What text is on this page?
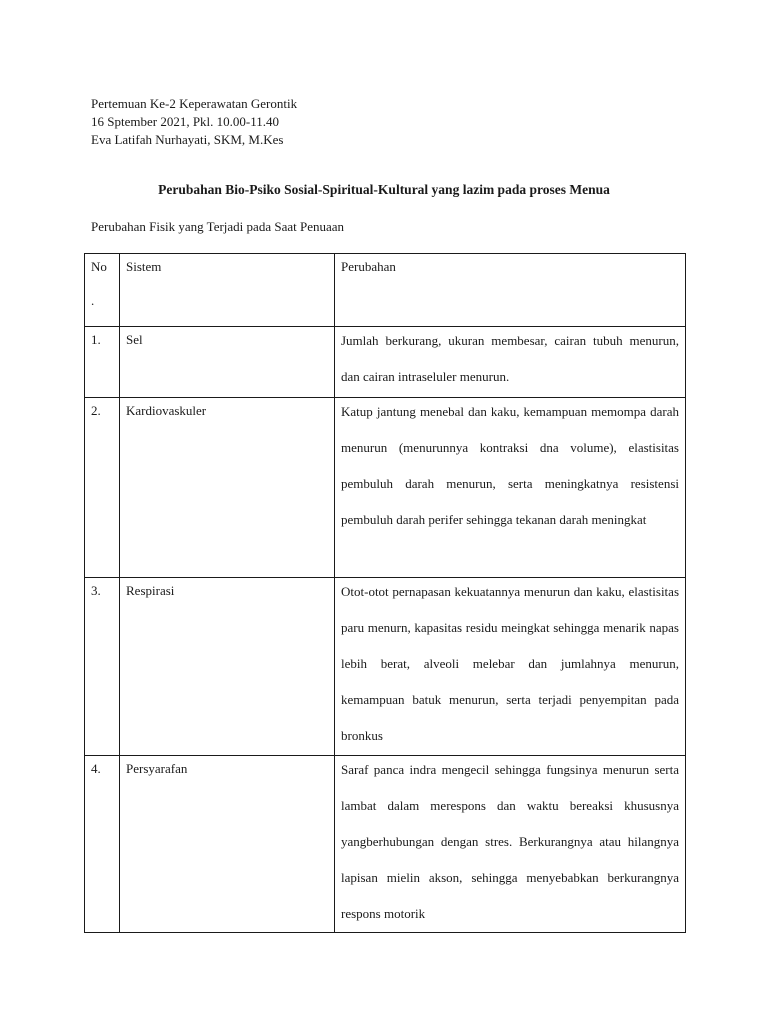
Pertemuan Ke-2 Keperawatan Gerontik
16 Sptember 2021, Pkl. 10.00-11.40
Eva Latifah Nurhayati, SKM, M.Kes
Perubahan Bio-Psiko Sosial-Spiritual-Kultural yang lazim pada proses Menua
Perubahan Fisik yang Terjadi pada Saat Penuaan
No
.	Sistem	Perubahan

1.	Sel	Jumlah berkurang, ukuran membesar, cairan tubuh menurun, dan cairan intraseluler menurun.

2.	Kardiovaskuler	Katup jantung menebal dan kaku, kemampuan memompa darah menurun (menurunnya kontraksi dna volume), elastisitas pembuluh darah menurun, serta meningkatnya resistensi pembuluh darah perifer sehingga tekanan darah meningkat

3.	Respirasi	Otot-otot pernapasan kekuatannya menurun dan kaku, elastisitas paru menurn, kapasitas residu meingkat sehingga menarik napas lebih berat, alveoli melebar dan jumlahnya menurun, kemampuan batuk menurun, serta terjadi penyempitan pada bronkus

4.	Persyarafan	Saraf panca indra mengecil sehingga fungsinya menurun serta lambat dalam merespons dan waktu bereaksi khususnya yangberhubungan dengan stres. Berkurangnya atau hilangnya lapisan mielin akson, sehingga menyebabkan berkurangnya respons motorik
